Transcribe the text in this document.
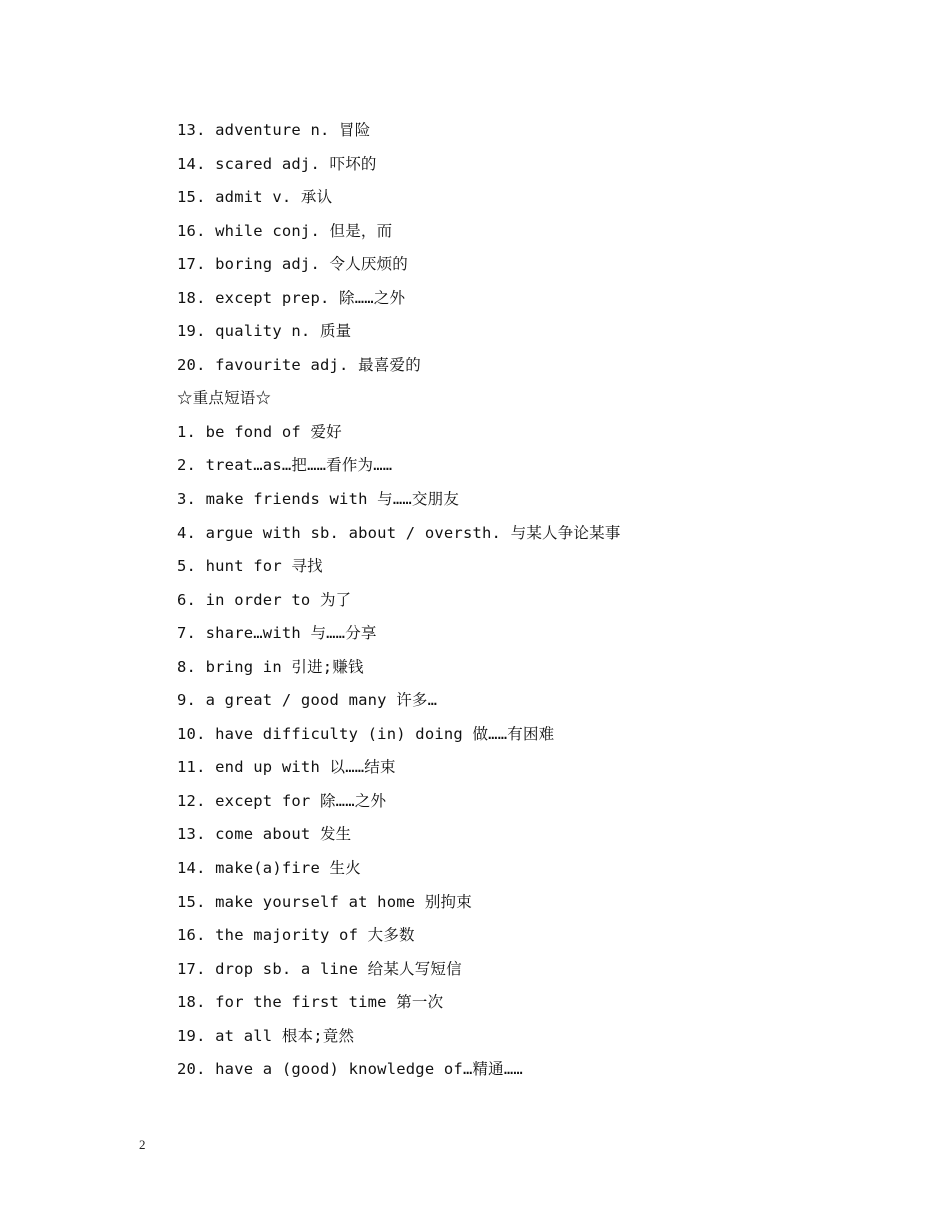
13. adventure n. 冒险
14. scared adj. 吓坏的
15. admit v. 承认
16. while conj. 但是，而
17. boring adj. 令人厌烦的
18. except prep. 除……之外
19. quality n. 质量
20. favourite adj. 最喜爱的
☆重点短语☆
1. be fond of 爱好
2. treat…as…把……看作为……
3. make friends with 与……交朋友
4. argue with sb. about / oversth. 与某人争论某事
5. hunt for 寻找
6. in order to 为了
7. share…with 与……分享
8. bring in 引进;赚钱
9. a great / good many 许多…
10. have difficulty (in) doing 做……有困难
11. end up with 以……结束
12. except for 除……之外
13. come about 发生
14. make(a)fire 生火
15. make yourself at home 别拘束
16. the majority of 大多数
17. drop sb. a line 给某人写短信
18. for the first time 第一次
19. at all 根本;竟然
20. have a (good) knowledge of…精通……
2
